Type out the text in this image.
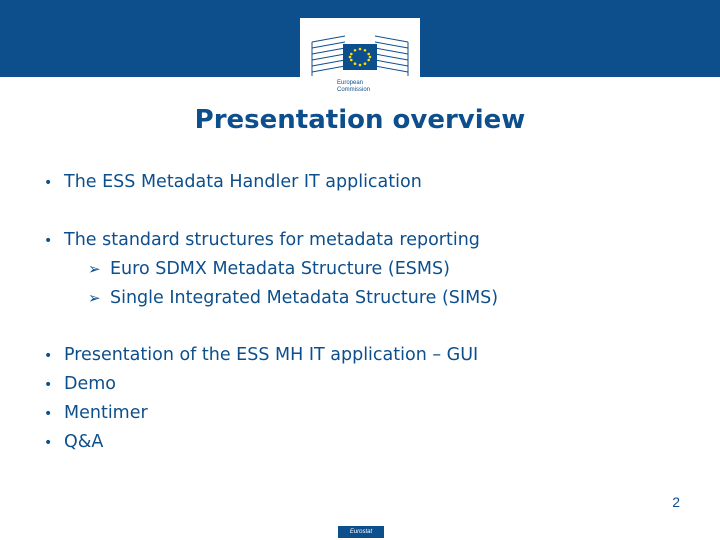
European
Commission
Presentation overview
• The ESS Metadata Handler IT application
• The standard structures for metadata reporting
➢ Euro SDMX Metadata Structure (ESMS)
➢ Single Integrated Metadata Structure (SIMS)
• Presentation of the ESS MH IT application – GUI
• Demo
• Mentimer
• Q&A
2
Eurostat
